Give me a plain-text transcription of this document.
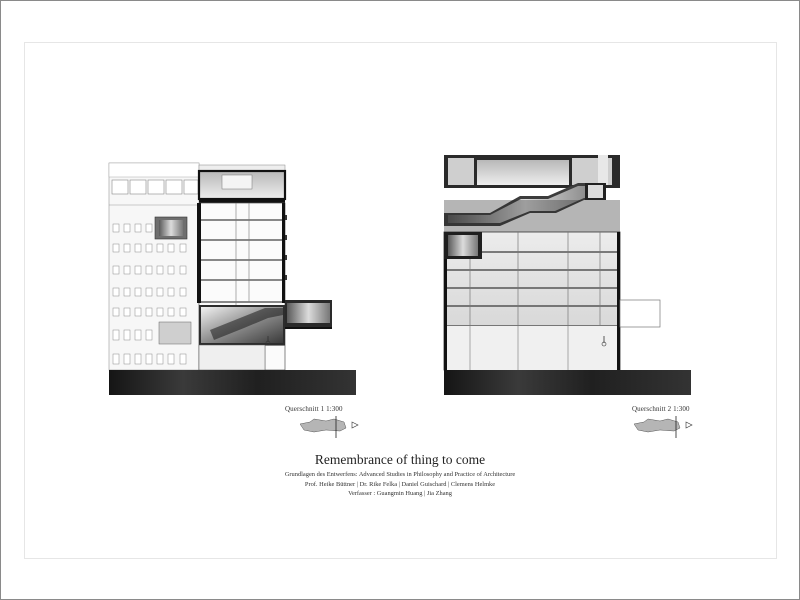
Querschnitt 1 1:300	Querschnitt 2 1:300
Remembrance of thing to come
Grundlagen des Entwerfens: Advanced Studies in Philosophy and Practice of Architecture
Prof. Heike Büttner | Dr. Rike Felka | Daniel Guischard | Clemens Helmke
Verfasser : Guangmin Huang | Jia Zhang
